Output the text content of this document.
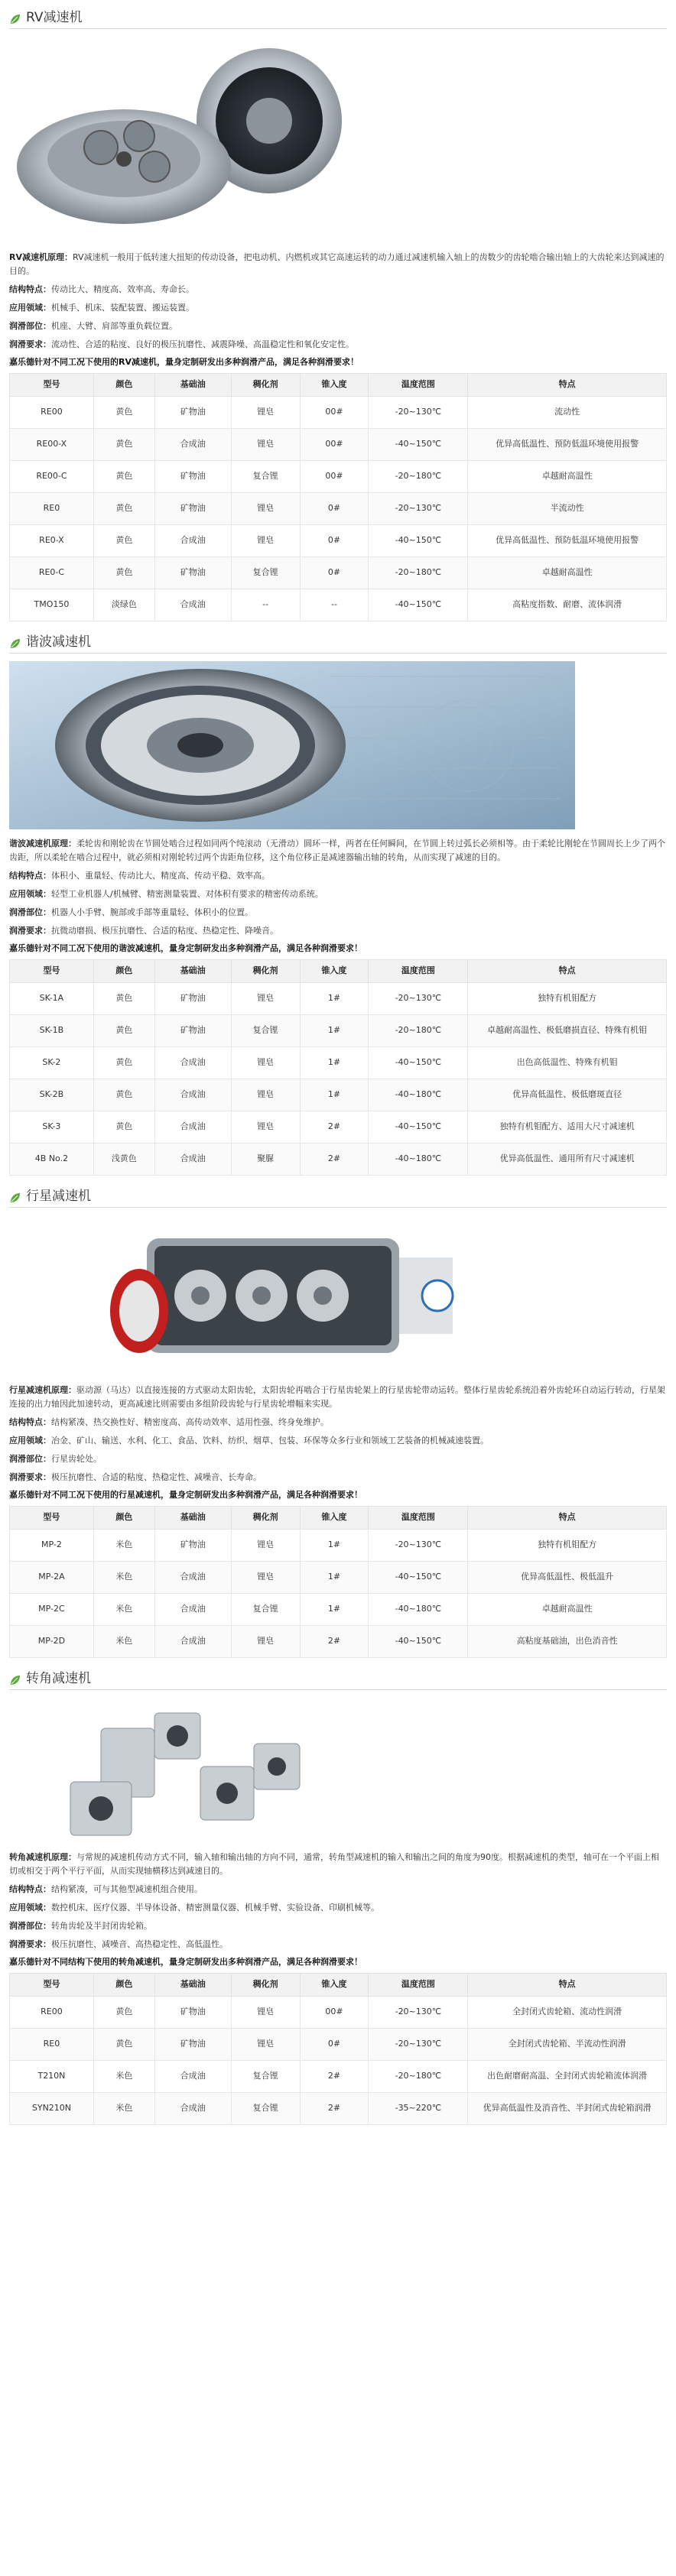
RV减速机

RV减速机原理：RV减速机一般用于低转速大扭矩的传动设备，把电动机、内燃机或其它高速运转的动力通过减速机输入轴上的齿数少的齿轮啮合输出轴上的大齿轮来达到减速的目的。

结构特点：传动比大、精度高、效率高、寿命长。

应用领域：机械手、机床、装配装置、搬运装置。

润滑部位：机座、大臂、肩部等重负载位置。

润滑要求：流动性、合适的粘度、良好的极压抗磨性、减震降噪、高温稳定性和氧化安定性。

嘉乐德针对不同工况下使用的RV减速机，量身定制研发出多种润滑产品，满足各种润滑要求！

型号	颜色	基础油	稠化剂	锥入度	温度范围	特点
RE00	黄色	矿物油	锂皂	00#	-20~130℃	流动性
RE00-X	黄色	合成油	锂皂	00#	-40~150℃	优异高低温性、预防低温环境使用报警
RE00-C	黄色	矿物油	复合锂	00#	-20~180℃	卓越耐高温性
RE0	黄色	矿物油	锂皂	0#	-20~130℃	半流动性
RE0-X	黄色	合成油	锂皂	0#	-40~150℃	优异高低温性、预防低温环境使用报警
RE0-C	黄色	矿物油	复合锂	0#	-20~180℃	卓越耐高温性
TMO150	淡绿色	合成油	--	--	-40~150℃	高粘度指数、耐磨、流体润滑
谐波减速机

谐波减速机原理：柔轮齿和刚轮齿在节圆处啮合过程如同两个纯滚动（无滑动）圆环一样，两者在任何瞬间，在节圆上转过弧长必须相等。由于柔轮比刚轮在节圆周长上少了两个齿距，所以柔轮在啮合过程中，就必须相对刚轮转过两个齿距角位移，这个角位移正是减速器输出轴的转角，从而实现了减速的目的。

结构特点：体积小、重量轻、传动比大、精度高、传动平稳、效率高。

应用领域：轻型工业机器人/机械臂、精密测量装置、对体积有要求的精密传动系统。

润滑部位：机器人小手臂、腕部或手部等重量轻、体积小的位置。

润滑要求：抗微动磨损、极压抗磨性、合适的粘度、热稳定性、降噪音。

嘉乐德针对不同工况下使用的谐波减速机，量身定制研发出多种润滑产品，满足各种润滑要求！

型号	颜色	基础油	稠化剂	锥入度	温度范围	特点
SK-1A	黄色	矿物油	锂皂	1#	-20~130℃	独特有机钼配方
SK-1B	黄色	矿物油	复合锂	1#	-20~180℃	卓越耐高温性、极低磨损直径、特殊有机钼
SK-2	黄色	合成油	锂皂	1#	-40~150℃	出色高低温性、特殊有机钼
SK-2B	黄色	合成油	锂皂	1#	-40~180℃	优异高低温性、极低磨斑直径
SK-3	黄色	合成油	锂皂	2#	-40~150℃	独特有机钼配方、适用大尺寸减速机
4B No.2	浅黄色	合成油	聚脲	2#	-40~180℃	优异高低温性、通用所有尺寸减速机
行星减速机

行星减速机原理：驱动源（马达）以直接连接的方式驱动太阳齿轮，太阳齿轮再啮合于行星齿轮架上的行星齿轮带动运转。整体行星齿轮系统沿着外齿轮环自动运行转动，行星架连接的出力轴因此加速转动，更高减速比则需要由多组阶段齿轮与行星齿轮增幅来实现。

结构特点：结构紧凑、热交换性好、精密度高、高传动效率、适用性强、终身免维护。

应用领域：冶金、矿山、输送、水利、化工、食品、饮料、纺织、烟草、包装、环保等众多行业和领域工艺装备的机械减速装置。

润滑部位：行星齿轮处。

润滑要求：极压抗磨性、合适的粘度、热稳定性、减噪音、长寿命。

嘉乐德针对不同工况下使用的行星减速机，量身定制研发出多种润滑产品，满足各种润滑要求！

型号	颜色	基础油	稠化剂	锥入度	温度范围	特点
MP-2	米色	矿物油	锂皂	1#	-20~130℃	独特有机钼配方
MP-2A	米色	合成油	锂皂	1#	-40~150℃	优异高低温性、极低温升
MP-2C	米色	合成油	复合锂	1#	-40~180℃	卓越耐高温性
MP-2D	米色	合成油	锂皂	2#	-40~150℃	高粘度基础油，出色消音性
转角减速机

转角减速机原理：与常规的减速机传动方式不同，输入轴和输出轴的方向不同，通常，转角型减速机的输入和输出之间的角度为90度。根据减速机的类型，轴可在一个平面上相切或相交于两个平行平面，从而实现轴横移达到减速目的。

结构特点：结构紧凑，可与其他型减速机组合使用。

应用领域：数控机床、医疗仪器、半导体设备、精密测量仪器、机械手臂、实验设备、印刷机械等。

润滑部位：转角齿轮及半封闭齿轮箱。

润滑要求：极压抗磨性、减噪音、高热稳定性、高低温性。

嘉乐德针对不同结构下使用的转角减速机，量身定制研发出多种润滑产品，满足各种润滑要求！

型号	颜色	基础油	稠化剂	锥入度	温度范围	特点
RE00	黄色	矿物油	锂皂	00#	-20~130℃	全封闭式齿轮箱、流动性润滑
RE0	黄色	矿物油	锂皂	0#	-20~130℃	全封闭式齿轮箱、半流动性润滑
T210N	米色	合成油	复合锂	2#	-20~180℃	出色耐磨耐高温、全封闭式齿轮箱流体润滑
SYN210N	米色	合成油	复合锂	2#	-35~220℃	优异高低温性及消音性、半封闭式齿轮箱润滑
